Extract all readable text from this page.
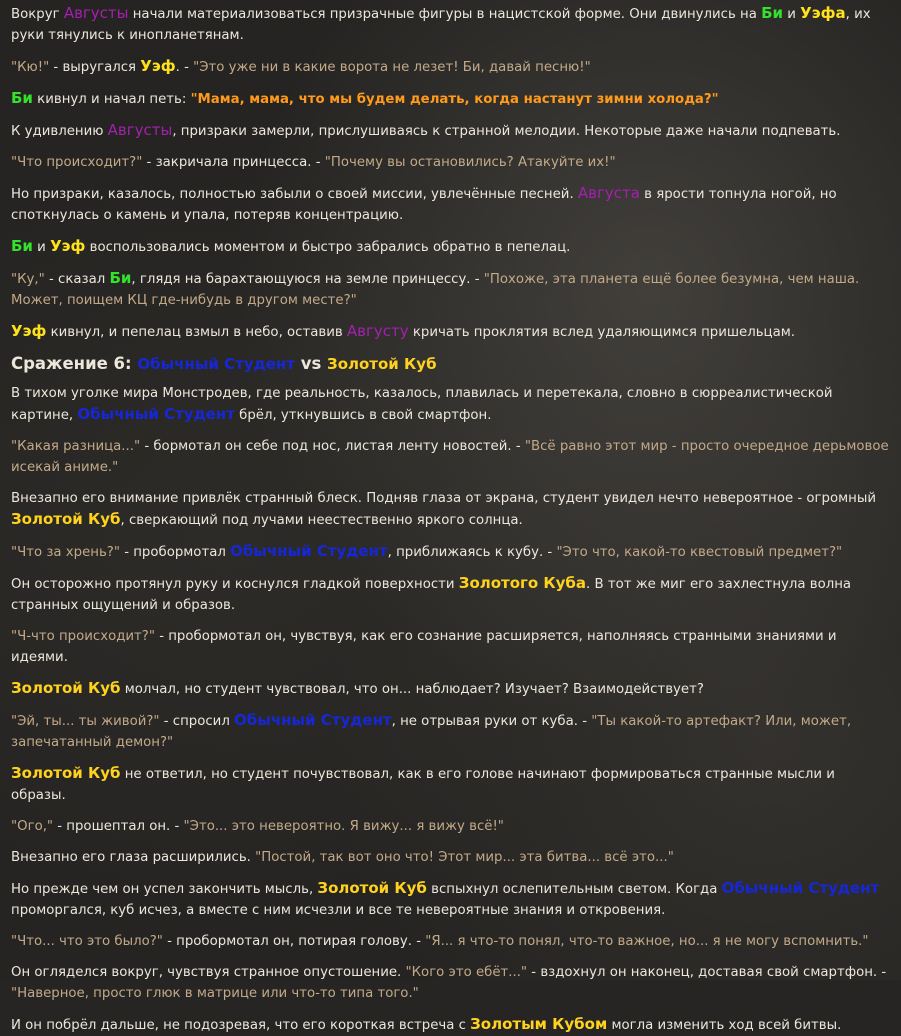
Вокруг Августы начали материализоваться призрачные фигуры в нацистской форме. Они двинулись на Би и Уэфа, их руки тянулись к инопланетянам.

"Кю!" - выругался Уэф. - "Это уже ни в какие ворота не лезет! Би, давай песню!"

Би кивнул и начал петь: "Мама, мама, что мы будем делать, когда настанут зимни холода?"

К удивлению Августы, призраки замерли, прислушиваясь к странной мелодии. Некоторые даже начали подпевать.

"Что происходит?" - закричала принцесса. - "Почему вы остановились? Атакуйте их!"

Но призраки, казалось, полностью забыли о своей миссии, увлечённые песней. Августа в ярости топнула ногой, но споткнулась о камень и упала, потеряв концентрацию.

Би и Уэф воспользовались моментом и быстро забрались обратно в пепелац.

"Ку," - сказал Би, глядя на барахтающуюся на земле принцессу. - "Похоже, эта планета ещё более безумна, чем наша. Может, поищем КЦ где-нибудь в другом месте?"

Уэф кивнул, и пепелац взмыл в небо, оставив Августу кричать проклятия вслед удаляющимся пришельцам.

Сражение 6: Обычный Студент vs Золотой Куб

В тихом уголке мира Монстродев, где реальность, казалось, плавилась и перетекала, словно в сюрреалистической картине, Обычный Студент брёл, уткнувшись в свой смартфон.

"Какая разница..." - бормотал он себе под нос, листая ленту новостей. - "Всё равно этот мир - просто очередное дерьмовое исекай аниме."

Внезапно его внимание привлёк странный блеск. Подняв глаза от экрана, студент увидел нечто невероятное - огромный Золотой Куб, сверкающий под лучами неестественно яркого солнца.

"Что за хрень?" - пробормотал Обычный Студент, приближаясь к кубу. - "Это что, какой-то квестовый предмет?"

Он осторожно протянул руку и коснулся гладкой поверхности Золотого Куба. В тот же миг его захлестнула волна странных ощущений и образов.

"Ч-что происходит?" - пробормотал он, чувствуя, как его сознание расширяется, наполняясь странными знаниями и идеями.

Золотой Куб молчал, но студент чувствовал, что он... наблюдает? Изучает? Взаимодействует?

"Эй, ты... ты живой?" - спросил Обычный Студент, не отрывая руки от куба. - "Ты какой-то артефакт? Или, может, запечатанный демон?"

Золотой Куб не ответил, но студент почувствовал, как в его голове начинают формироваться странные мысли и образы.

"Ого," - прошептал он. - "Это... это невероятно. Я вижу... я вижу всё!"

Внезапно его глаза расширились. "Постой, так вот оно что! Этот мир... эта битва... всё это..."

Но прежде чем он успел закончить мысль, Золотой Куб вспыхнул ослепительным светом. Когда Обычный Студент проморгался, куб исчез, а вместе с ним исчезли и все те невероятные знания и откровения.

"Что... что это было?" - пробормотал он, потирая голову. - "Я... я что-то понял, что-то важное, но... я не могу вспомнить."

Он огляделся вокруг, чувствуя странное опустошение. "Кого это ебёт..." - вздохнул он наконец, доставая свой смартфон. - "Наверное, просто глюк в матрице или что-то типа того."

И он побрёл дальше, не подозревая, что его короткая встреча с Золотым Кубом могла изменить ход всей битвы.
